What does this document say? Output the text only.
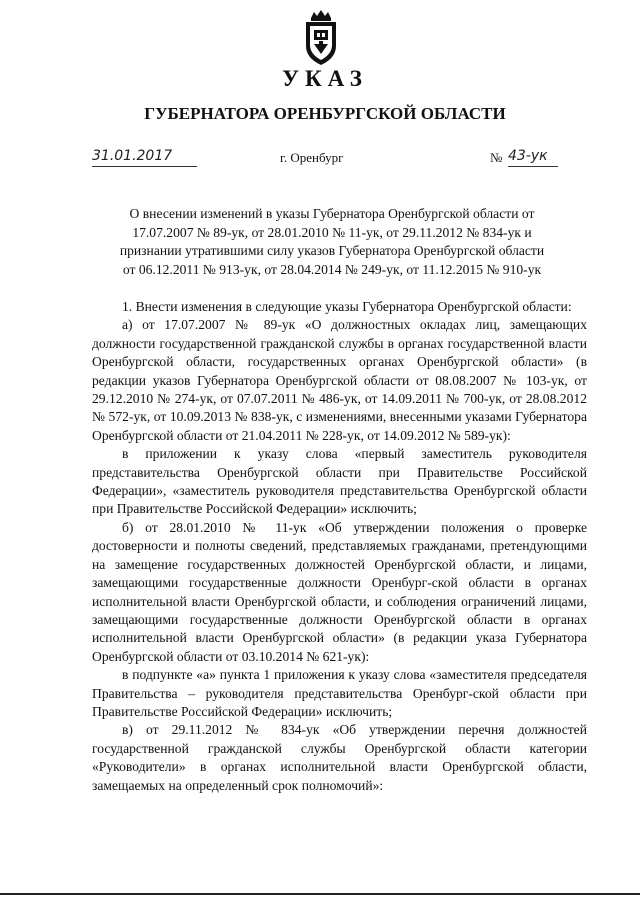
УКАЗ
ГУБЕРНАТОРА ОРЕНБУРГСКОЙ ОБЛАСТИ
31.01.2017	г. Оренбург	№ 43-ук
О внесении изменений в указы Губернатора Оренбургской области от
17.07.2007 № 89-ук, от 28.01.2010 № 11-ук, от 29.11.2012 № 834-ук и
признании утратившими силу указов Губернатора Оренбургской области
от 06.12.2011 № 913-ук, от 28.04.2014 № 249-ук, от 11.12.2015 № 910-ук

1. Внести изменения в следующие указы Губернатора Оренбургской области:

а) от 17.07.2007 № 89-ук «О должностных окладах лиц, замещающих должности государственной гражданской службы в органах государственной власти Оренбургской области, государственных органах Оренбургской области» (в редакции указов Губернатора Оренбургской области от 08.08.2007 № 103-ук, от 29.12.2010 № 274-ук, от 07.07.2011 № 486-ук, от 14.09.2011 № 700-ук, от 28.08.2012 № 572-ук, от 10.09.2013 № 838-ук, с изменениями, внесенными указами Губернатора Оренбургской области от 21.04.2011 № 228-ук, от 14.09.2012 № 589-ук):

в приложении к указу слова «первый заместитель руководителя представительства Оренбургской области при Правительстве Российской Федерации», «заместитель руководителя представительства Оренбургской области при Правительстве Российской Федерации» исключить;

б) от 28.01.2010 № 11-ук «Об утверждении положения о проверке достоверности и полноты сведений, представляемых гражданами, претендующими на замещение государственных должностей Оренбургской области, и лицами, замещающими государственные должности Оренбург-ской области в органах исполнительной власти Оренбургской области, и соблюдения ограничений лицами, замещающими государственные должности Оренбургской области в органах исполнительной власти Оренбургской области» (в редакции указа Губернатора Оренбургской области от 03.10.2014 № 621-ук):

в подпункте «а» пункта 1 приложения к указу слова «заместителя председателя Правительства – руководителя представительства Оренбург-ской области при Правительстве Российской Федерации» исключить;

в) от 29.11.2012 № 834-ук «Об утверждении перечня должностей государственной гражданской службы Оренбургской области категории «Руководители» в органах исполнительной власти Оренбургской области, замещаемых на определенный срок полномочий»:
